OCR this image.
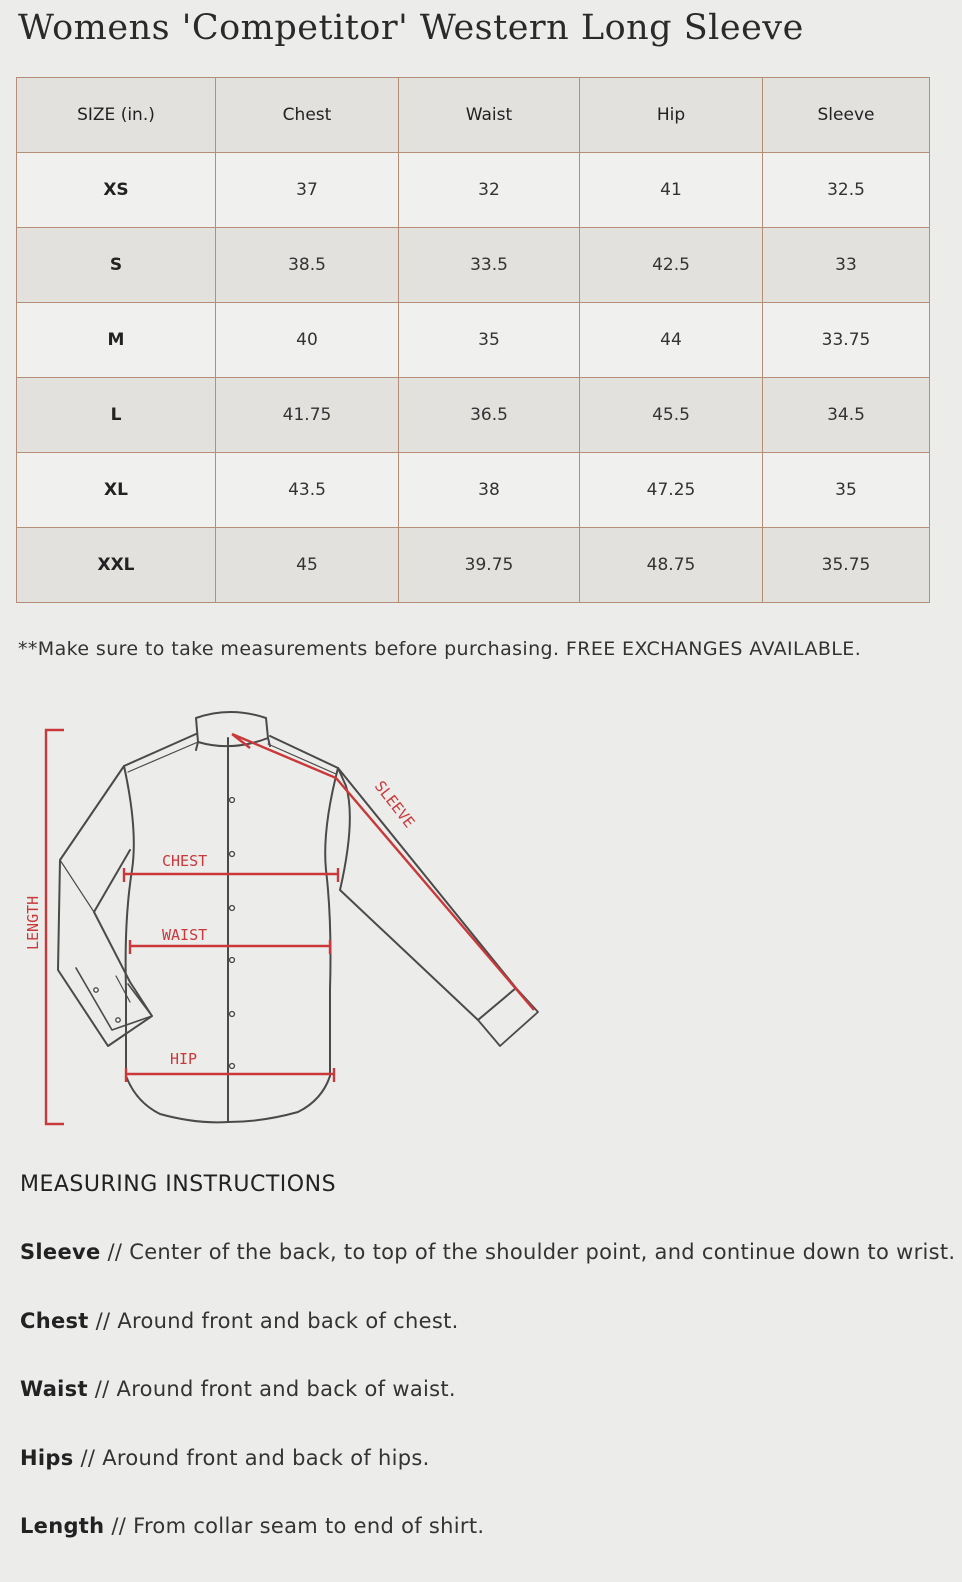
Womens 'Competitor' Western Long Sleeve
SIZE (in.)	Chest	Waist	Hip	Sleeve
XS	37	32	41	32.5
S	38.5	33.5	42.5	33
M	40	35	44	33.75
L	41.75	36.5	45.5	34.5
XL	43.5	38	47.25	35
XXL	45	39.75	48.75	35.75
**Make sure to take measurements before purchasing. FREE EXCHANGES AVAILABLE.
LENGTH
CHEST
WAIST
HIP
SLEEVE
MEASURING INSTRUCTIONS
Sleeve // Center of the back, to top of the shoulder point, and continue down to wrist.
Chest // Around front and back of chest.
Waist // Around front and back of waist.
Hips // Around front and back of hips.
Length // From collar seam to end of shirt.
